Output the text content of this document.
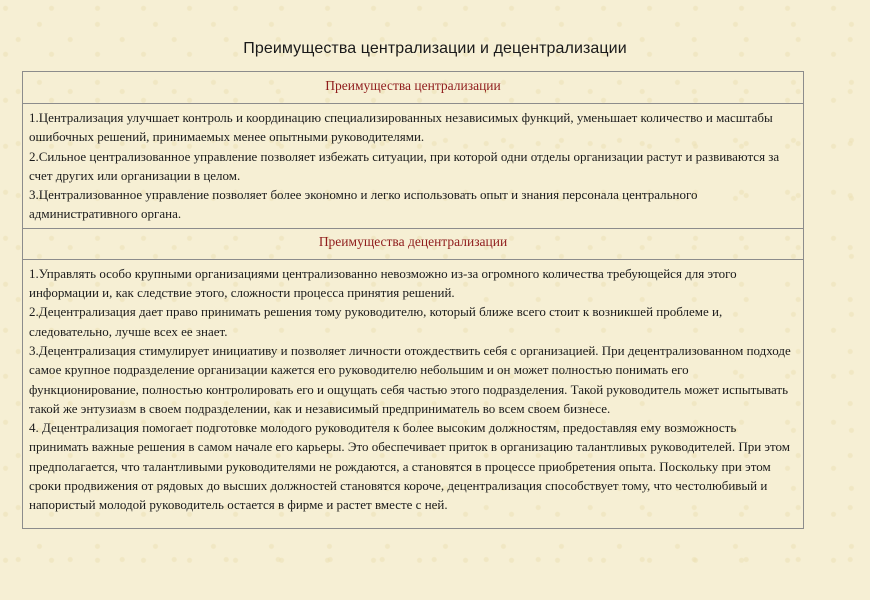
Преимущества централизации и децентрализации
Преимущества централизации

1.Централизация улучшает контроль и координацию специализированных независимых функций, уменьшает количество и масштабы ошибочных решений, принимаемых менее опытными руководителями.

2.Сильное централизованное управление позволяет избежать ситуации, при которой одни отделы организации растут и развиваются за счет других или организации в целом.

3.Централизованное управление позволяет более экономно и легко использовать опыт и знания персонала центрального административного органа.

Преимущества децентрализации

1.Управлять особо крупными организациями централизованно невозможно из-за огромного количества требующейся для этого информации и, как следствие этого, сложности процесса принятия решений.

2.Децентрализация дает право принимать решения тому руководителю, который ближе всего стоит к возникшей проблеме и, следовательно, лучше всех ее знает.

3.Децентрализация стимулирует инициативу и позволяет личности отождествить себя с организацией. При децентрализованном подходе самое крупное подразделение организации кажется его руководителю небольшим и он может полностью понимать его функционирование, полностью контролировать его и ощущать себя частью этого подразделения. Такой руководитель может испытывать такой же энтузиазм в своем подразделении, как и независимый предприниматель во всем своем бизнесе.

4. Децентрализация помогает подготовке молодого руководителя к более высоким должностям, предоставляя ему возможность принимать важные решения в самом начале его карьеры. Это обеспечивает приток в организацию талантливых руководителей. При этом предполагается, что талантливыми руководителями не рождаются, а становятся в процессе приобретения опыта. Поскольку при этом сроки продвижения от рядовых до высших должностей становятся короче, децентрализация способствует тому, что честолюбивый и напористый молодой руководитель остается в фирме и растет вместе с ней.
